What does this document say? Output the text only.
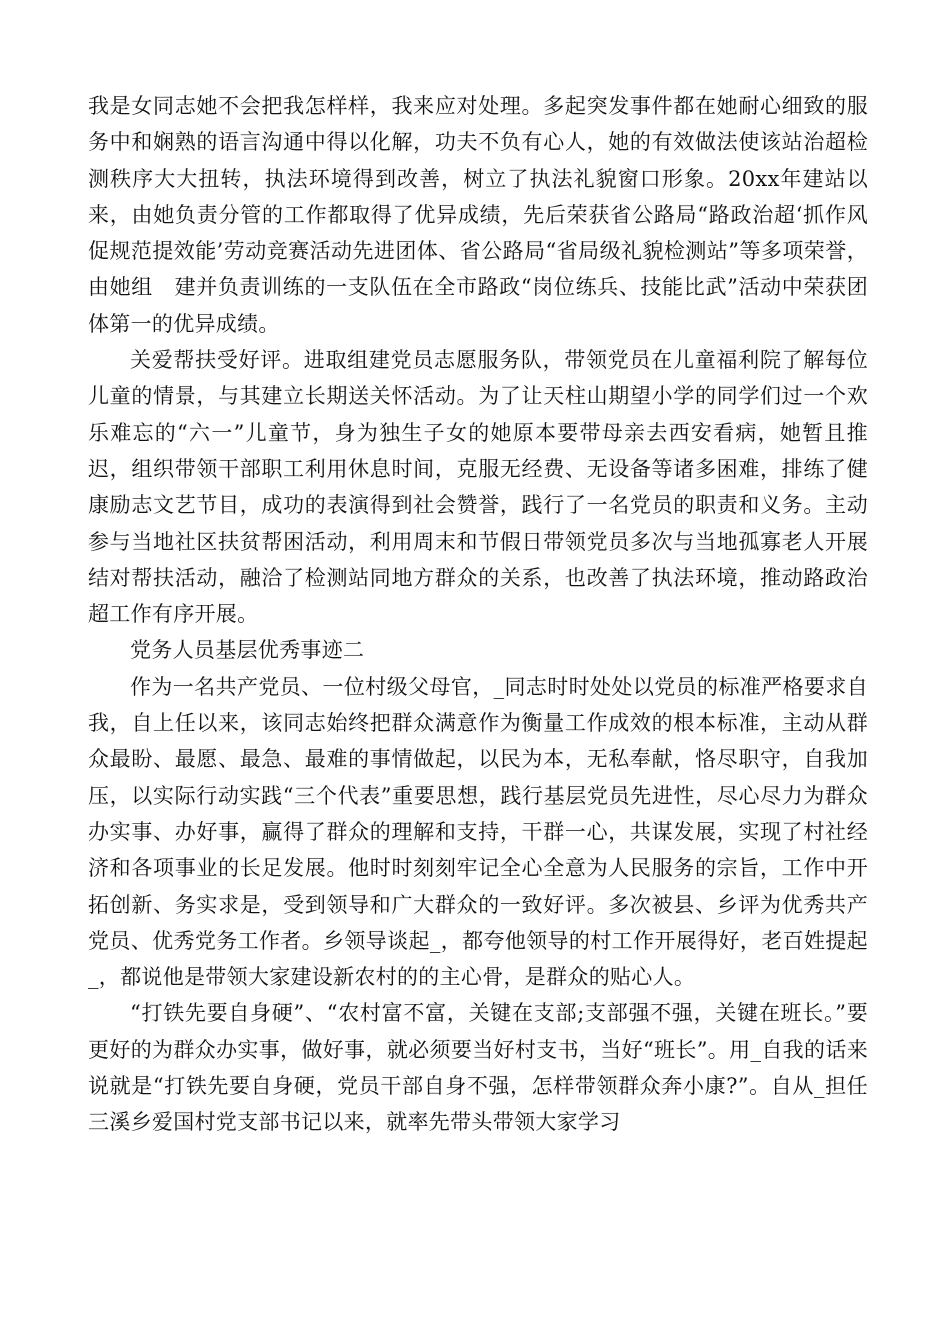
我是女同志她不会把我怎样样，我来应对处理。多起突发事件都在她耐心细致的服务中和娴熟的语言沟通中得以化解，功夫不负有心人，她的有效做法使该站治超检测秩序大大扭转，执法环境得到改善，树立了执法礼貌窗口形象。20xx年建站以来，由她负责分管的工作都取得了优异成绩，先后荣获省公路局“路政治超‘抓作风促规范提效能’劳动竞赛活动先进团体、省公路局“省局级礼貌检测站”等多项荣誉，由她组　建并负责训练的一支队伍在全市路政“岗位练兵、技能比武”活动中荣获团体第一的优异成绩。

关爱帮扶受好评。进取组建党员志愿服务队，带领党员在儿童福利院了解每位儿童的情景，与其建立长期送关怀活动。为了让天柱山期望小学的同学们过一个欢乐难忘的“六一”儿童节，身为独生子女的她原本要带母亲去西安看病，她暂且推迟，组织带领干部职工利用休息时间，克服无经费、无设备等诸多困难，排练了健康励志文艺节目，成功的表演得到社会赞誉，践行了一名党员的职责和义务。主动参与当地社区扶贫帮困活动，利用周末和节假日带领党员多次与当地孤寡老人开展结对帮扶活动，融洽了检测站同地方群众的关系，也改善了执法环境，推动路政治超工作有序开展。

党务人员基层优秀事迹二

作为一名共产党员、一位村级父母官，_同志时时处处以党员的标准严格要求自我，自上任以来，该同志始终把群众满意作为衡量工作成效的根本标准，主动从群众最盼、最愿、最急、最难的事情做起，以民为本，无私奉献，恪尽职守，自我加压，以实际行动实践“三个代表”重要思想，践行基层党员先进性，尽心尽力为群众办实事、办好事，赢得了群众的理解和支持，干群一心，共谋发展，实现了村社经济和各项事业的长足发展。他时时刻刻牢记全心全意为人民服务的宗旨，工作中开拓创新、务实求是，受到领导和广大群众的一致好评。多次被县、乡评为优秀共产党员、优秀党务工作者。乡领导谈起_，都夸他领导的村工作开展得好，老百姓提起_，都说他是带领大家建设新农村的的主心骨，是群众的贴心人。

“打铁先要自身硬”、“农村富不富，关键在支部;支部强不强，关键在班长。”要更好的为群众办实事，做好事，就必须要当好村支书，当好“班长”。用_自我的话来说就是“打铁先要自身硬，党员干部自身不强，怎样带领群众奔小康?”。自从_担任三溪乡爱国村党支部书记以来，就率先带头带领大家学习
